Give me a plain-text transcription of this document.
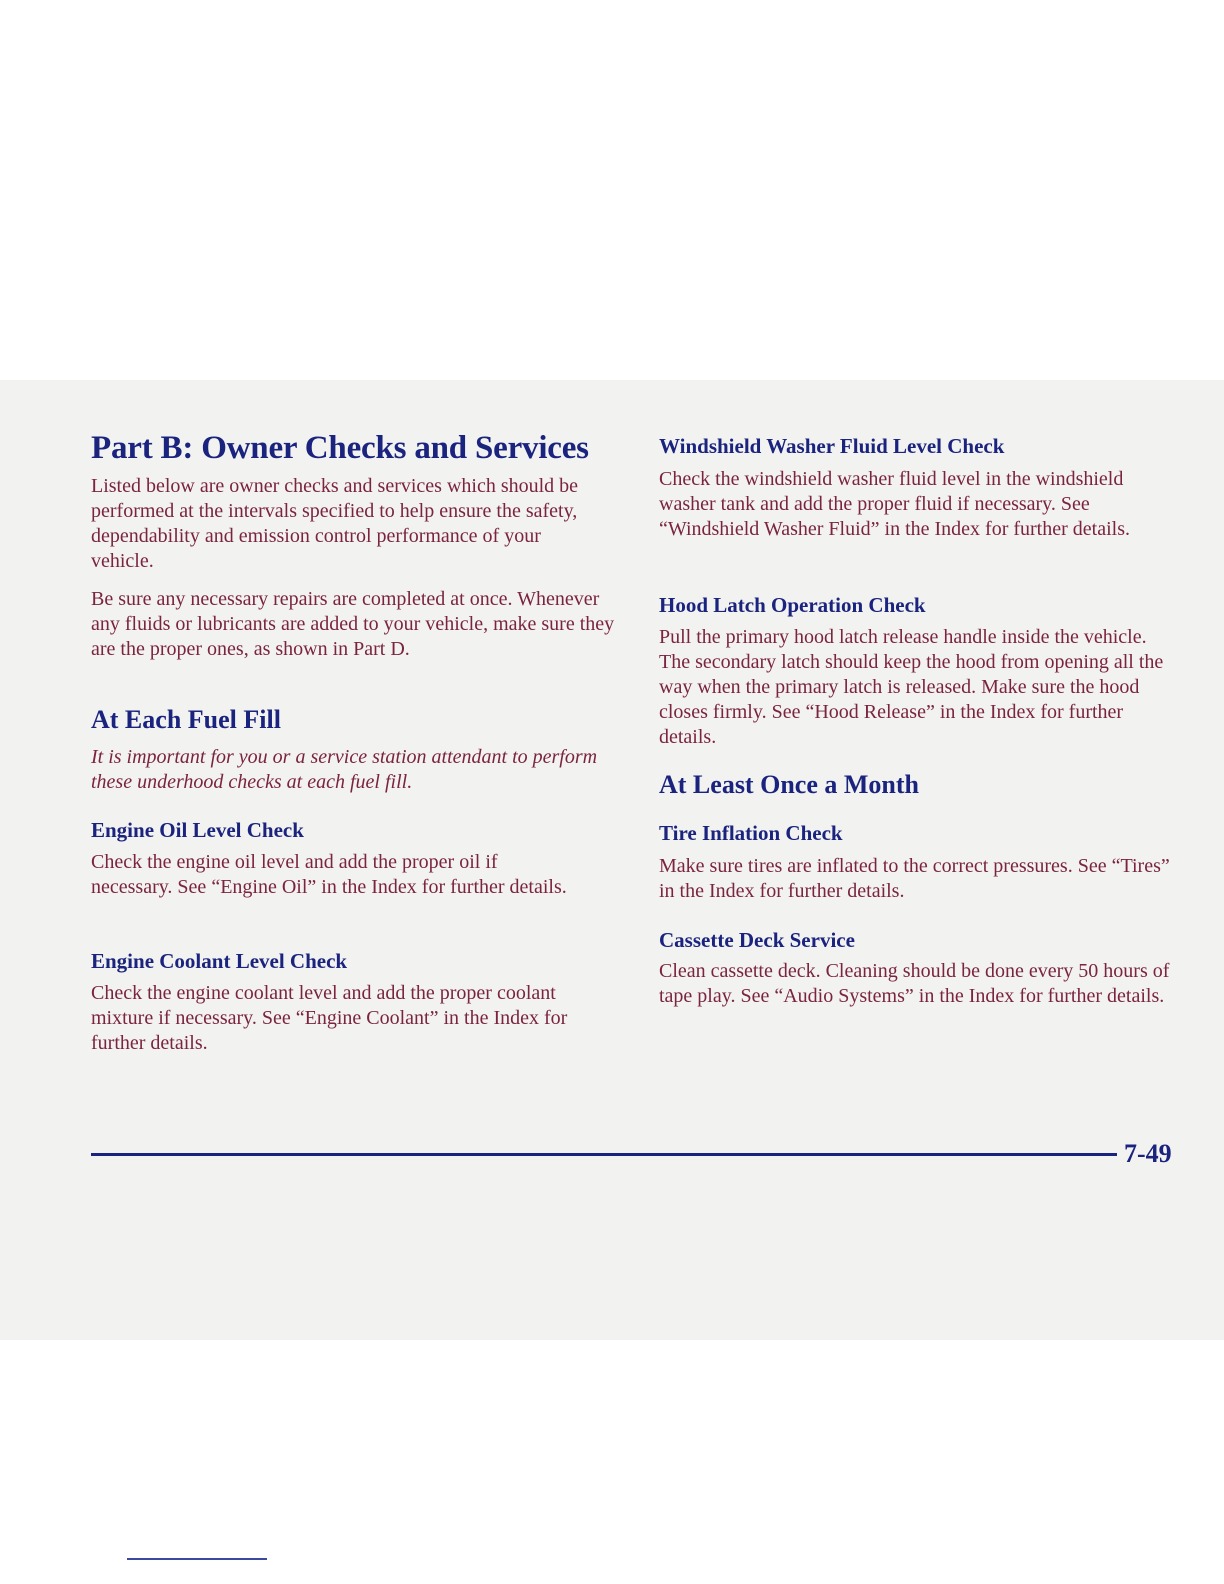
Part B: Owner Checks and Services

Listed below are owner checks and services which should be performed at the intervals specified to help ensure the safety, dependability and emission control performance of your vehicle.

Be sure any necessary repairs are completed at once. Whenever any fluids or lubricants are added to your vehicle, make sure they are the proper ones, as shown in Part D.

At Each Fuel Fill

It is important for you or a service station attendant to perform these underhood checks at each fuel fill.

Engine Oil Level Check

Check the engine oil level and add the proper oil if necessary. See “Engine Oil” in the Index for further details.

Engine Coolant Level Check

Check the engine coolant level and add the proper coolant mixture if necessary. See “Engine Coolant” in the Index for further details.

Windshield Washer Fluid Level Check

Check the windshield washer fluid level in the windshield washer tank and add the proper fluid if necessary. See “Windshield Washer Fluid” in the Index for further details.

Hood Latch Operation Check

Pull the primary hood latch release handle inside the vehicle. The secondary latch should keep the hood from opening all the way when the primary latch is released. Make sure the hood closes firmly. See “Hood Release” in the Index for further details.

At Least Once a Month
Tire Inflation Check

Make sure tires are inflated to the correct pressures. See “Tires” in the Index for further details.

Cassette Deck Service

Clean cassette deck. Cleaning should be done every 50 hours of tape play. See “Audio Systems” in the Index for further details.

7-49
